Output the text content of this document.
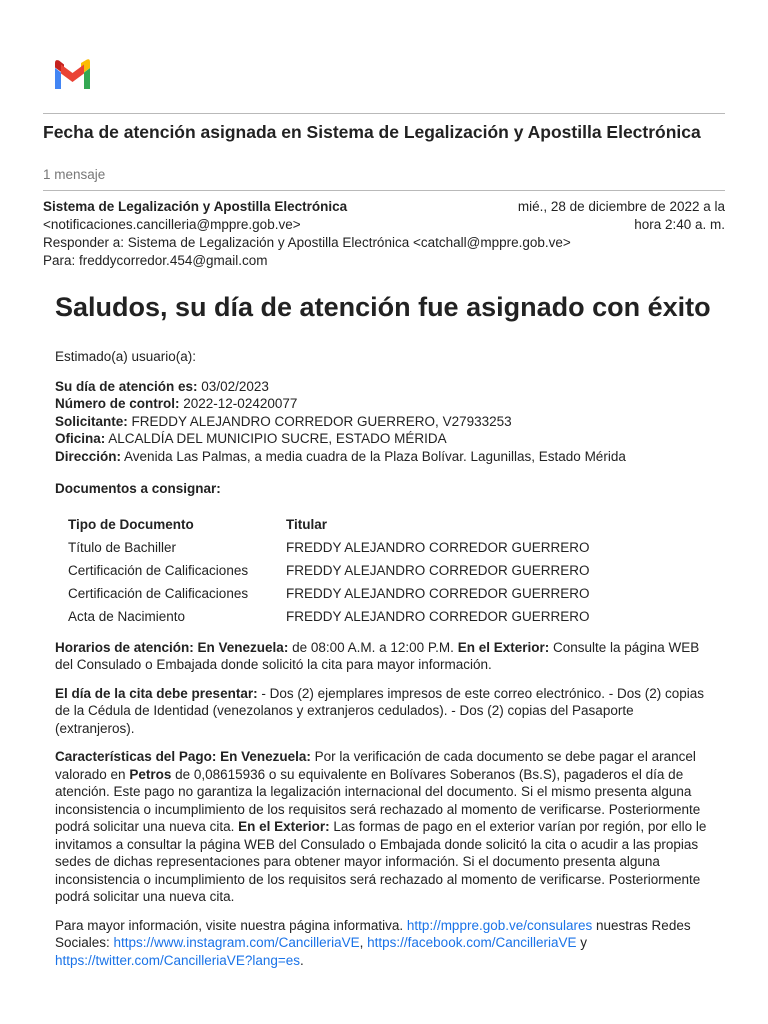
Fecha de atención asignada en Sistema de Legalización y Apostilla Electrónica
1 mensaje
Sistema de Legalización y Apostilla Electrónica
<notificaciones.cancilleria@mppre.gob.ve>
Responder a: Sistema de Legalización y Apostilla Electrónica <catchall@mppre.gob.ve>
Para: freddycorredor.454@gmail.com
mié., 28 de diciembre de 2022 a la
hora 2:40 a. m.
Saludos, su día de atención fue asignado con éxito

Estimado(a) usuario(a):

Su día de atención es: 03/02/2023
Número de control: 2022-12-02420077
Solicitante: FREDDY ALEJANDRO CORREDOR GUERRERO, V27933253
Oficina: ALCALDÍA DEL MUNICIPIO SUCRE, ESTADO MÉRIDA
Dirección: Avenida Las Palmas, a media cuadra de la Plaza Bolívar. Lagunillas, Estado Mérida

Documentos a consignar:

Tipo de Documento	Titular
Título de Bachiller	FREDDY ALEJANDRO CORREDOR GUERRERO
Certificación de Calificaciones	FREDDY ALEJANDRO CORREDOR GUERRERO
Certificación de Calificaciones	FREDDY ALEJANDRO CORREDOR GUERRERO
Acta de Nacimiento	FREDDY ALEJANDRO CORREDOR GUERRERO

Horarios de atención: En Venezuela: de 08:00 A.M. a 12:00 P.M. En el Exterior: Consulte la página WEB del Consulado o Embajada donde solicitó la cita para mayor información.

El día de la cita debe presentar: - Dos (2) ejemplares impresos de este correo electrónico. - Dos (2) copias de la Cédula de Identidad (venezolanos y extranjeros cedulados). - Dos (2) copias del Pasaporte (extranjeros).

Características del Pago: En Venezuela: Por la verificación de cada documento se debe pagar el arancel valorado en Petros de 0,08615936 o su equivalente en Bolívares Soberanos (Bs.S), pagaderos el día de atención. Este pago no garantiza la legalización internacional del documento. Si el mismo presenta alguna inconsistencia o incumplimiento de los requisitos será rechazado al momento de verificarse. Posteriormente podrá solicitar una nueva cita. En el Exterior: Las formas de pago en el exterior varían por región, por ello le invitamos a consultar la página WEB del Consulado o Embajada donde solicitó la cita o acudir a las propias sedes de dichas representaciones para obtener mayor información. Si el documento presenta alguna inconsistencia o incumplimiento de los requisitos será rechazado al momento de verificarse. Posteriormente podrá solicitar una nueva cita.

Para mayor información, visite nuestra página informativa. http://mppre.gob.ve/consulares nuestras Redes Sociales: https://www.instagram.com/CancilleriaVE, https://facebook.com/CancilleriaVE y https://twitter.com/CancilleriaVE?lang=es.
